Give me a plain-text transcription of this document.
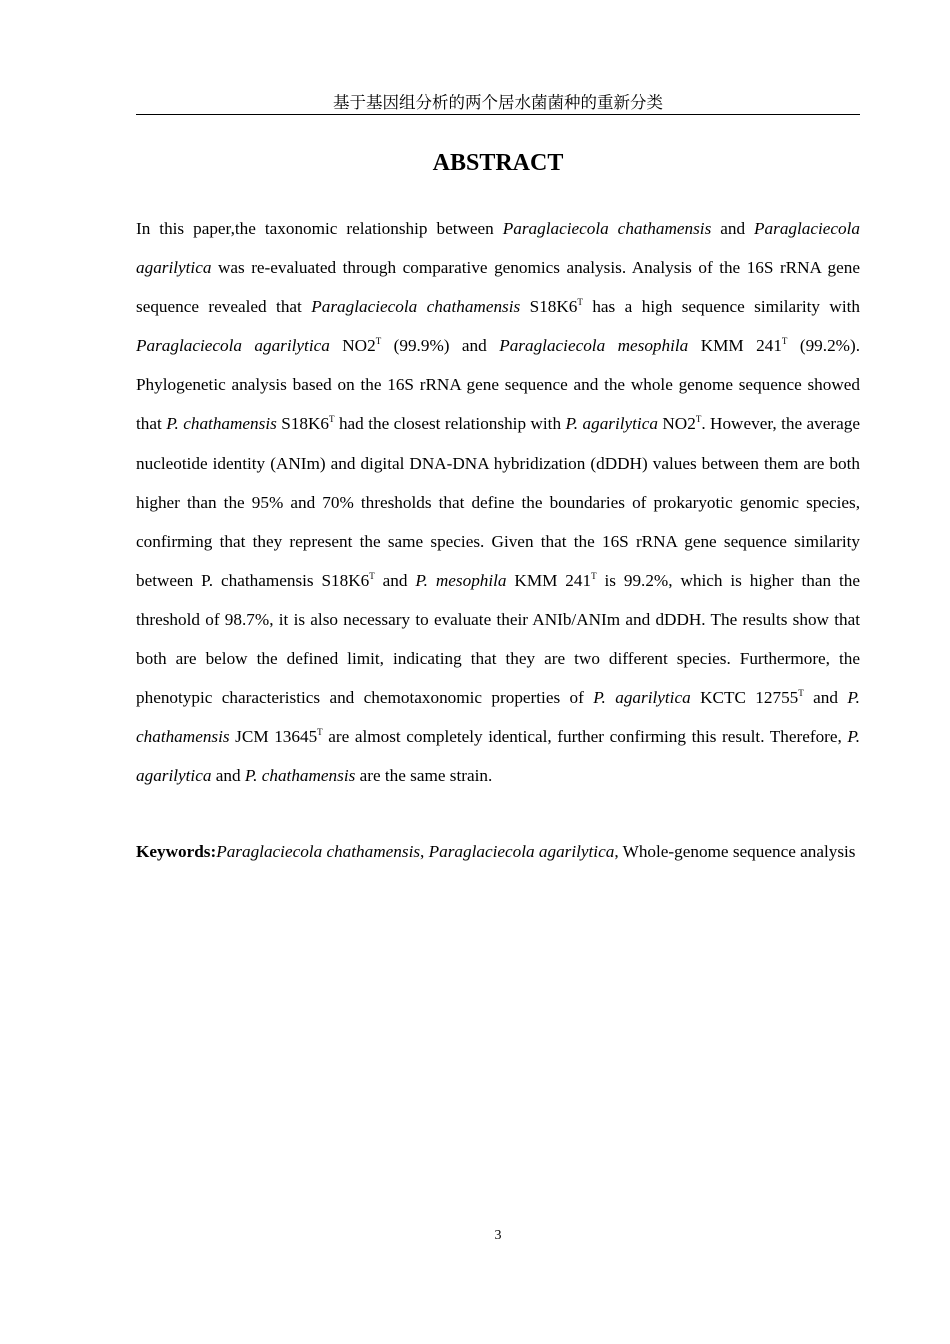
基于基因组分析的两个居水菌菌种的重新分类
ABSTRACT

In this paper,the taxonomic relationship between Paraglaciecola chathamensis and Paraglaciecola agarilytica was re-evaluated through comparative genomics analysis. Analysis of the 16S rRNA gene sequence revealed that Paraglaciecola chathamensis $S18K6^T$ has a high sequence similarity with Paraglaciecola agarilytica $NO2^T$ (99.9%) and Paraglaciecola mesophila KMM $241^T$ (99.2%). Phylogenetic analysis based on the 16S rRNA gene sequence and the whole genome sequence showed that P. chathamensis $S18K6^T$ had the closest relationship with P. agarilytica $NO2^T$. However, the average nucleotide identity (ANIm) and digital DNA-DNA hybridization (dDDH) values between them are both higher than the 95% and 70% thresholds that define the boundaries of prokaryotic genomic species, confirming that they represent the same species. Given that the 16S rRNA gene sequence similarity between P. chathamensis $S18K6^T$ and P. mesophila KMM $241^T$ is 99.2%, which is higher than the threshold of 98.7%, it is also necessary to evaluate their ANIb/ANIm and dDDH. The results show that both are below the defined limit, indicating that they are two different species. Furthermore, the phenotypic characteristics and chemotaxonomic properties of P. agarilytica KCTC $12755^T$ and P. chathamensis JCM $13645^T$ are almost completely identical, further confirming this result. Therefore, P. agarilytica and P. chathamensis are the same strain.

Keywords:Paraglaciecola chathamensis, Paraglaciecola agarilytica, Whole-genome sequence analysis

3
